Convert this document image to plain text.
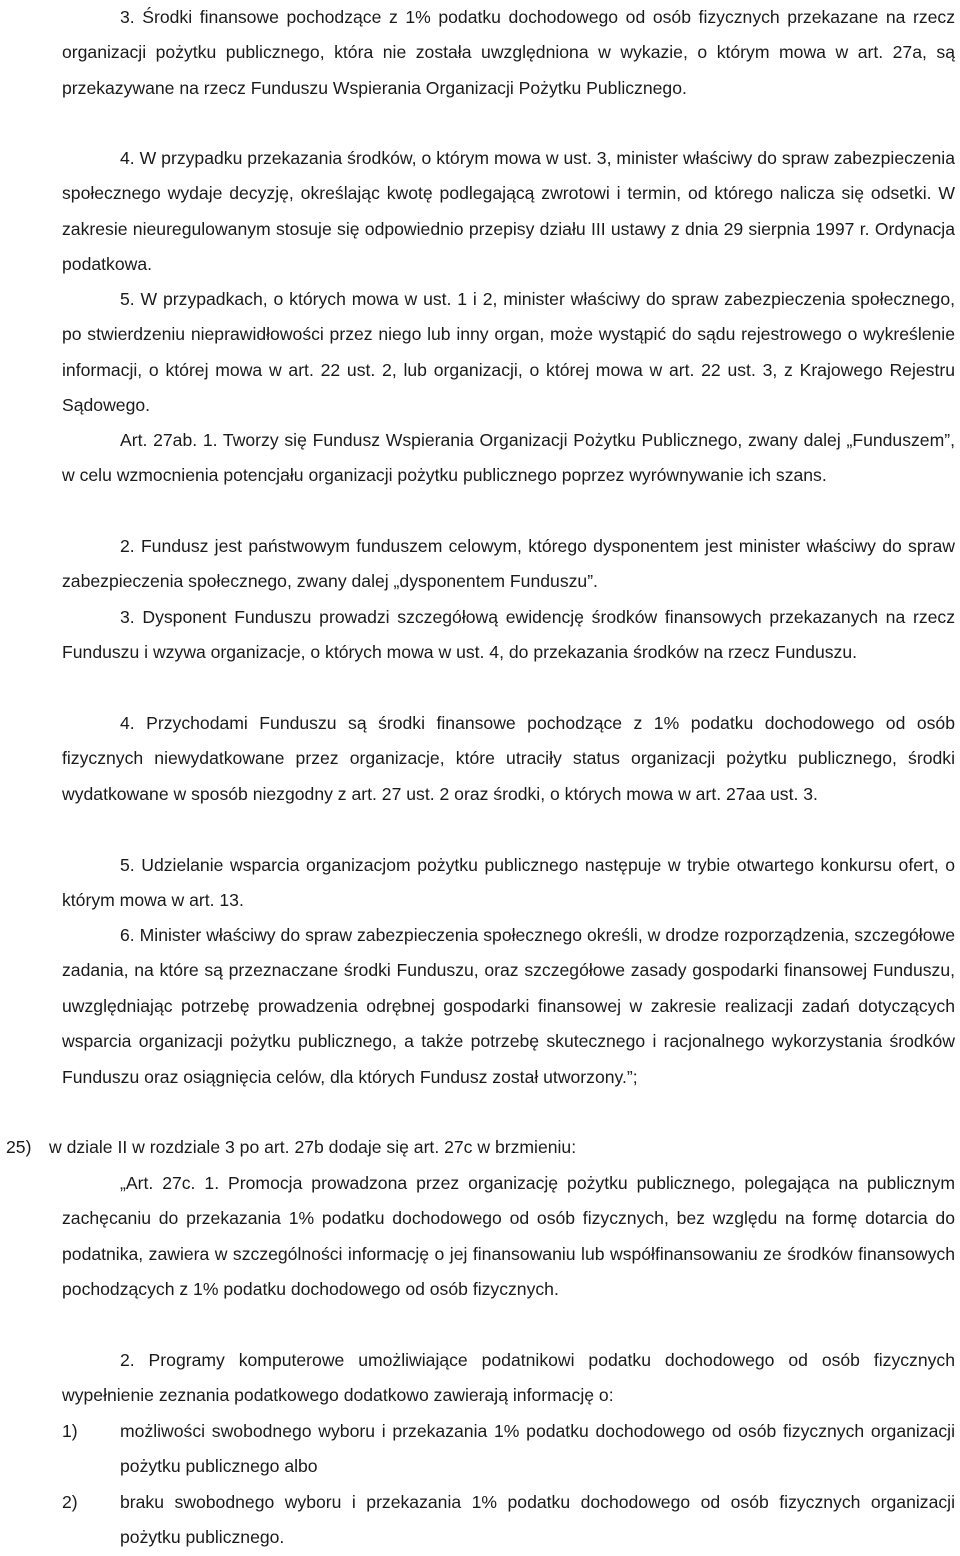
3. Środki finansowe pochodzące z 1% podatku dochodowego od osób fizycznych przekazane na rzecz organizacji pożytku publicznego, która nie została uwzględniona w wykazie, o którym mowa w art. 27a, są przekazywane na rzecz Funduszu Wspierania Organizacji Pożytku Publicznego.

4. W przypadku przekazania środków, o którym mowa w ust. 3, minister właściwy do spraw zabezpieczenia społecznego wydaje decyzję, określając kwotę podlegającą zwrotowi i termin, od którego nalicza się odsetki. W zakresie nieuregulowanym stosuje się odpowiednio przepisy działu III ustawy z dnia 29 sierpnia 1997 r. Ordynacja podatkowa.

5. W przypadkach, o których mowa w ust. 1 i 2, minister właściwy do spraw zabezpieczenia społecznego, po stwierdzeniu nieprawidłowości przez niego lub inny organ, może wystąpić do sądu rejestrowego o wykreślenie informacji, o której mowa w art. 22 ust. 2, lub organizacji, o której mowa w art. 22 ust. 3, z Krajowego Rejestru Sądowego.

Art. 27ab. 1. Tworzy się Fundusz Wspierania Organizacji Pożytku Publicznego, zwany dalej „Funduszem”, w celu wzmocnienia potencjału organizacji pożytku publicznego poprzez wyrównywanie ich szans.

2. Fundusz jest państwowym funduszem celowym, którego dysponentem jest minister właściwy do spraw zabezpieczenia społecznego, zwany dalej „dysponentem Funduszu”.

3. Dysponent Funduszu prowadzi szczegółową ewidencję środków finansowych przekazanych na rzecz Funduszu i wzywa organizacje, o których mowa w ust. 4, do przekazania środków na rzecz Funduszu.

4. Przychodami Funduszu są środki finansowe pochodzące z 1% podatku dochodowego od osób fizycznych niewydatkowane przez organizacje, które utraciły status organizacji pożytku publicznego, środki wydatkowane w sposób niezgodny z art. 27 ust. 2 oraz środki, o których mowa w art. 27aa ust. 3.

5. Udzielanie wsparcia organizacjom pożytku publicznego następuje w trybie otwartego konkursu ofert, o którym mowa w art. 13.

6. Minister właściwy do spraw zabezpieczenia społecznego określi, w drodze rozporządzenia, szczegółowe zadania, na które są przeznaczane środki Funduszu, oraz szczegółowe zasady gospodarki finansowej Funduszu, uwzględniając potrzebę prowadzenia odrębnej gospodarki finansowej w zakresie realizacji zadań dotyczących wsparcia organizacji pożytku publicznego, a także potrzebę skutecznego i racjonalnego wykorzystania środków Funduszu oraz osiągnięcia celów, dla których Fundusz został utworzony.”;

25) w dziale II w rozdziale 3 po art. 27b dodaje się art. 27c w brzmieniu:

„Art. 27c. 1. Promocja prowadzona przez organizację pożytku publicznego, polegająca na publicznym zachęcaniu do przekazania 1% podatku dochodowego od osób fizycznych, bez względu na formę dotarcia do podatnika, zawiera w szczególności informację o jej finansowaniu lub współfinansowaniu ze środków finansowych pochodzących z 1% podatku dochodowego od osób fizycznych.

2. Programy komputerowe umożliwiające podatnikowi podatku dochodowego od osób fizycznych wypełnienie zeznania podatkowego dodatkowo zawierają informację o:

1) możliwości swobodnego wyboru i przekazania 1% podatku dochodowego od osób fizycznych organizacji pożytku publicznego albo
2) braku swobodnego wyboru i przekazania 1% podatku dochodowego od osób fizycznych organizacji pożytku publicznego.
